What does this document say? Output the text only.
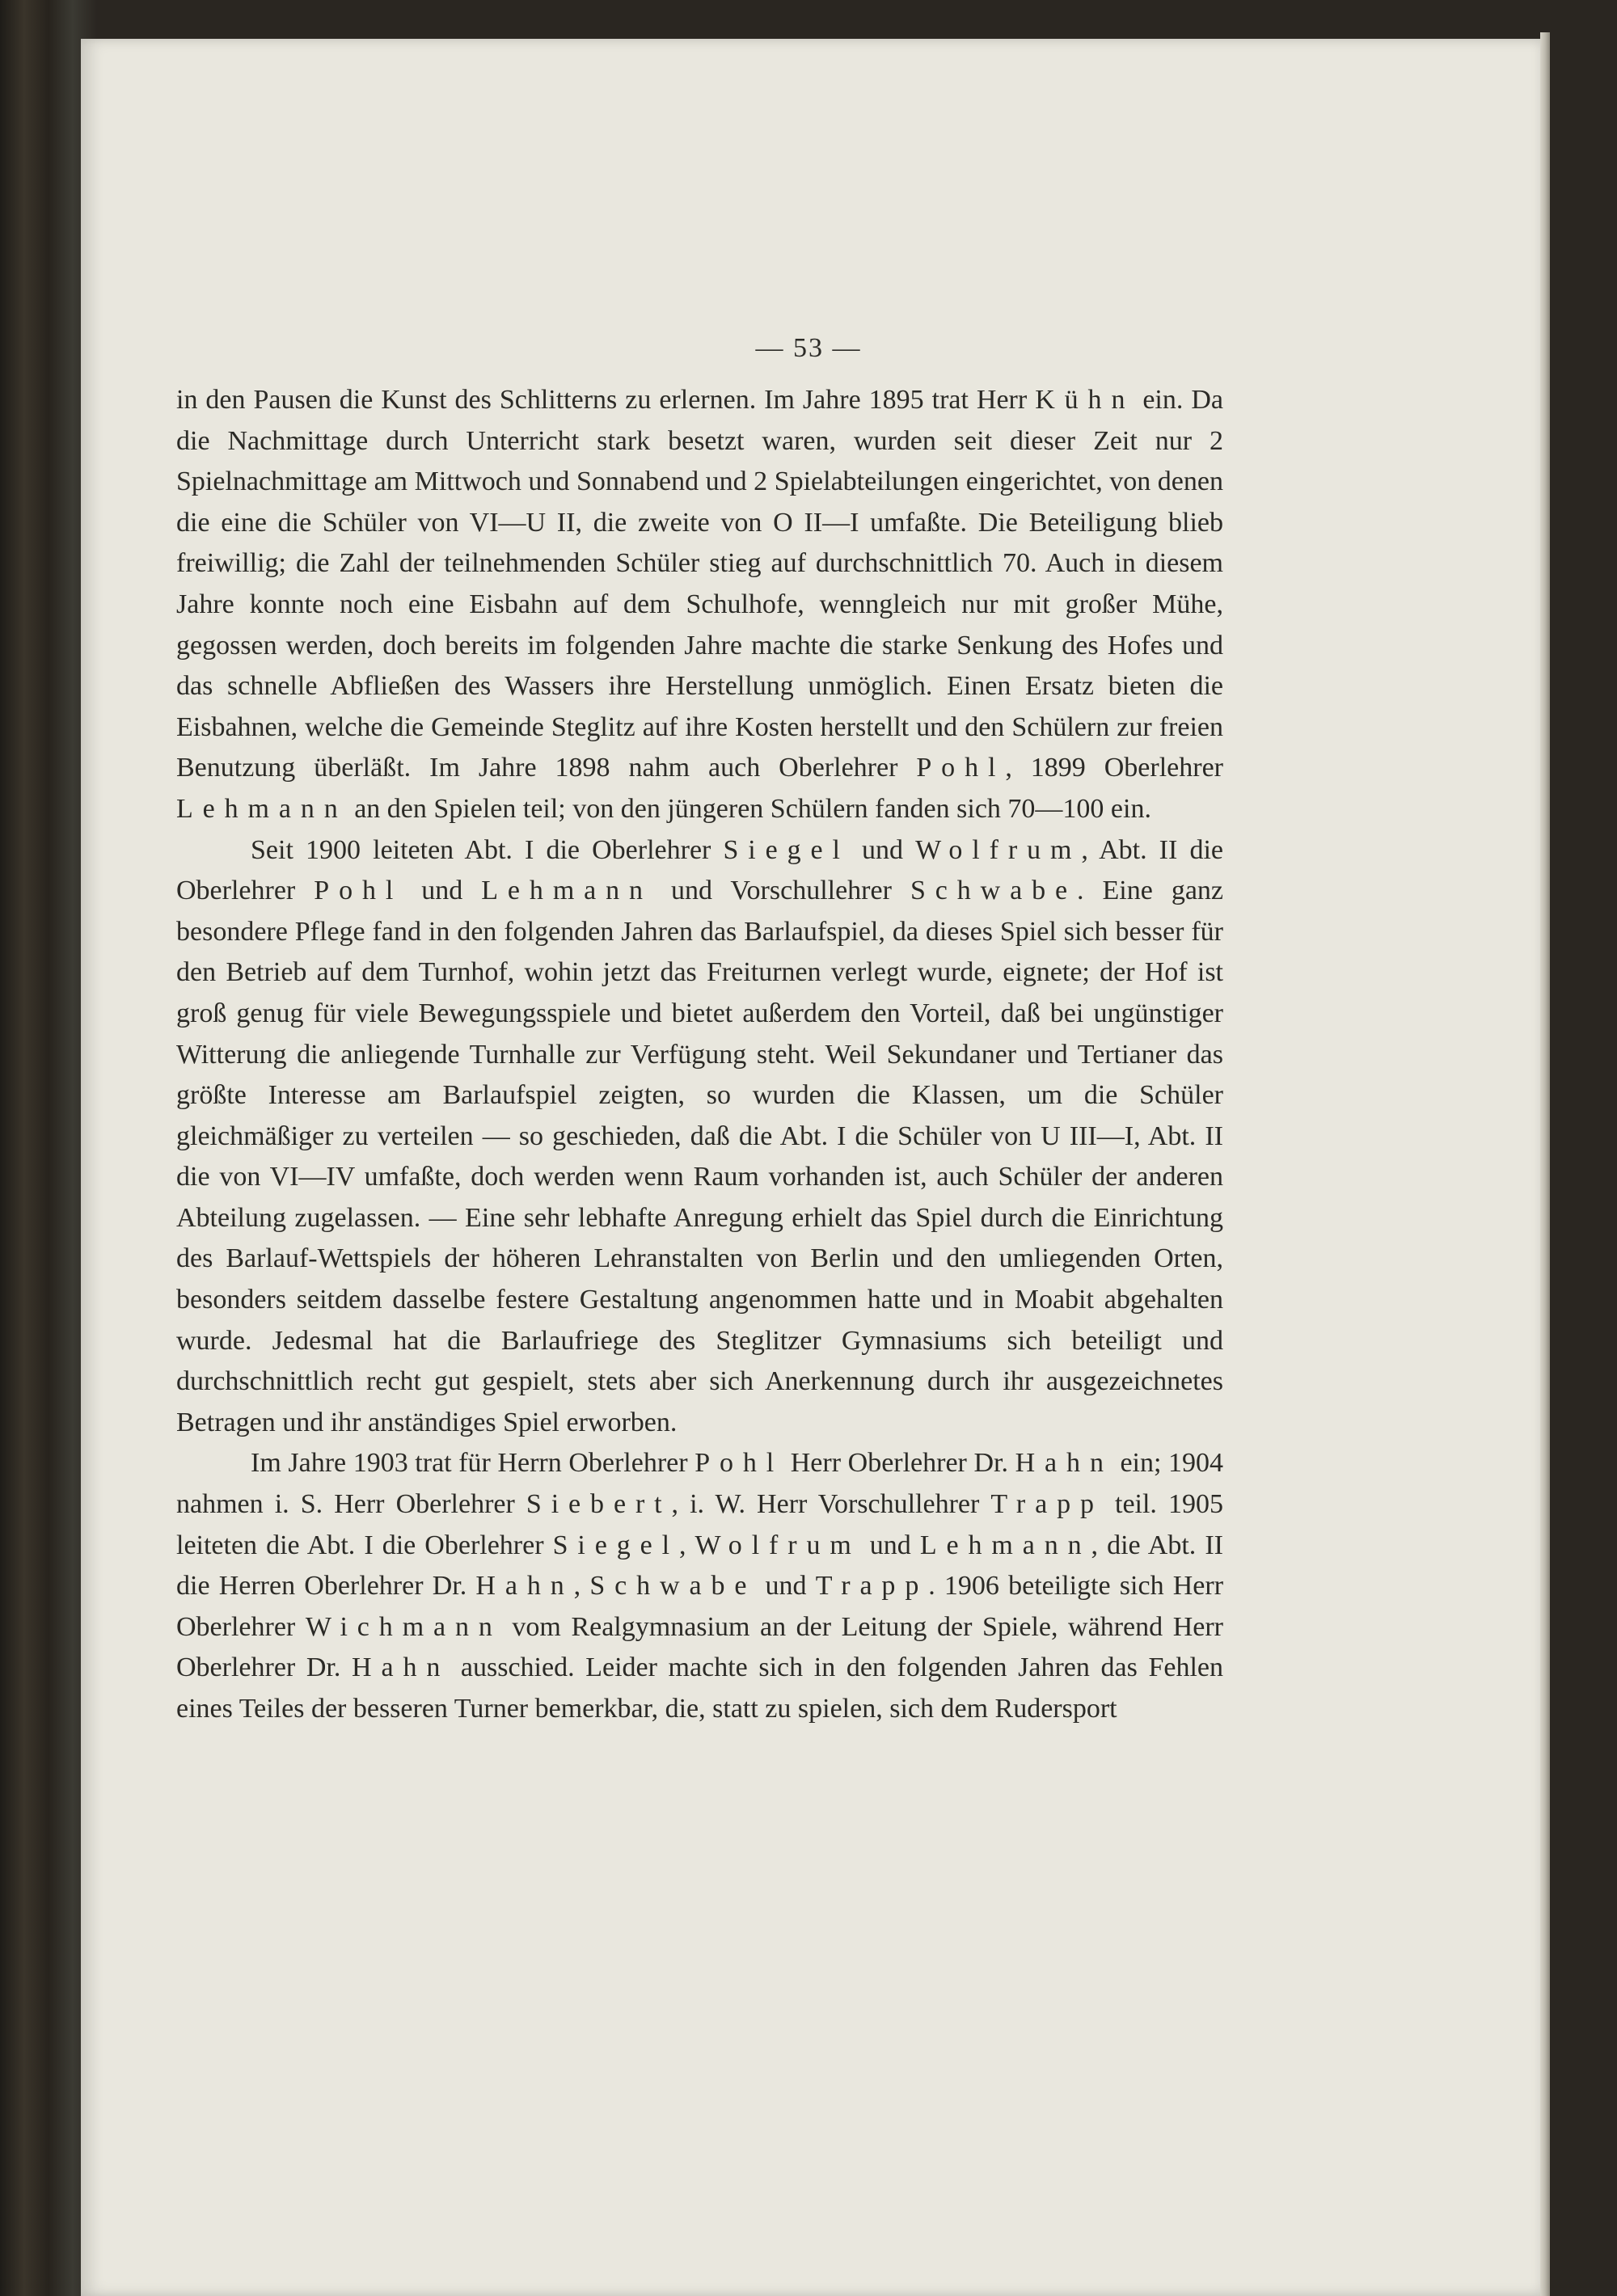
— 53 —

in den Pausen die Kunst des Schlitterns zu erlernen. Im Jahre 1895 trat Herr Kühn ein. Da die Nachmittage durch Unterricht stark besetzt waren, wurden seit dieser Zeit nur 2 Spielnachmittage am Mittwoch und Sonnabend und 2 Spielabteilungen eingerichtet, von denen die eine die Schüler von VI—U II, die zweite von O II—I umfaßte. Die Beteiligung blieb freiwillig; die Zahl der teilnehmenden Schüler stieg auf durchschnittlich 70. Auch in diesem Jahre konnte noch eine Eisbahn auf dem Schulhofe, wenngleich nur mit großer Mühe, gegossen werden, doch bereits im folgenden Jahre machte die starke Senkung des Hofes und das schnelle Abfließen des Wassers ihre Herstellung unmöglich. Einen Ersatz bieten die Eisbahnen, welche die Gemeinde Steglitz auf ihre Kosten herstellt und den Schülern zur freien Benutzung überläßt. Im Jahre 1898 nahm auch Oberlehrer Pohl, 1899 Oberlehrer Lehmann an den Spielen teil; von den jüngeren Schülern fanden sich 70—100 ein.

Seit 1900 leiteten Abt. I die Oberlehrer Siegel und Wolfrum, Abt. II die Oberlehrer Pohl und Lehmann und Vorschullehrer Schwabe. Eine ganz besondere Pflege fand in den folgenden Jahren das Barlaufspiel, da dieses Spiel sich besser für den Betrieb auf dem Turnhof, wohin jetzt das Freiturnen verlegt wurde, eignete; der Hof ist groß genug für viele Bewegungsspiele und bietet außerdem den Vorteil, daß bei ungünstiger Witterung die anliegende Turnhalle zur Verfügung steht. Weil Sekundaner und Tertianer das größte Interesse am Barlaufspiel zeigten, so wurden die Klassen, um die Schüler gleichmäßiger zu verteilen — so geschieden, daß die Abt. I die Schüler von U III—I, Abt. II die von VI—IV umfaßte, doch werden wenn Raum vorhanden ist, auch Schüler der anderen Abteilung zugelassen. — Eine sehr lebhafte Anregung erhielt das Spiel durch die Einrichtung des Barlauf-Wettspiels der höheren Lehranstalten von Berlin und den umliegenden Orten, besonders seitdem dasselbe festere Gestaltung angenommen hatte und in Moabit abgehalten wurde. Jedesmal hat die Barlaufriege des Steglitzer Gymnasiums sich beteiligt und durchschnittlich recht gut gespielt, stets aber sich Anerkennung durch ihr ausgezeichnetes Betragen und ihr anständiges Spiel erworben.

Im Jahre 1903 trat für Herrn Oberlehrer Pohl Herr Oberlehrer Dr. Hahn ein; 1904 nahmen i. S. Herr Oberlehrer Siebert, i. W. Herr Vorschullehrer Trapp teil. 1905 leiteten die Abt. I die Oberlehrer Siegel, Wolfrum und Lehmann, die Abt. II die Herren Oberlehrer Dr. Hahn, Schwabe und Trapp. 1906 beteiligte sich Herr Oberlehrer Wichmann vom Realgymnasium an der Leitung der Spiele, während Herr Oberlehrer Dr. Hahn ausschied. Leider machte sich in den folgenden Jahren das Fehlen eines Teiles der besseren Turner bemerkbar, die, statt zu spielen, sich dem Rudersport
